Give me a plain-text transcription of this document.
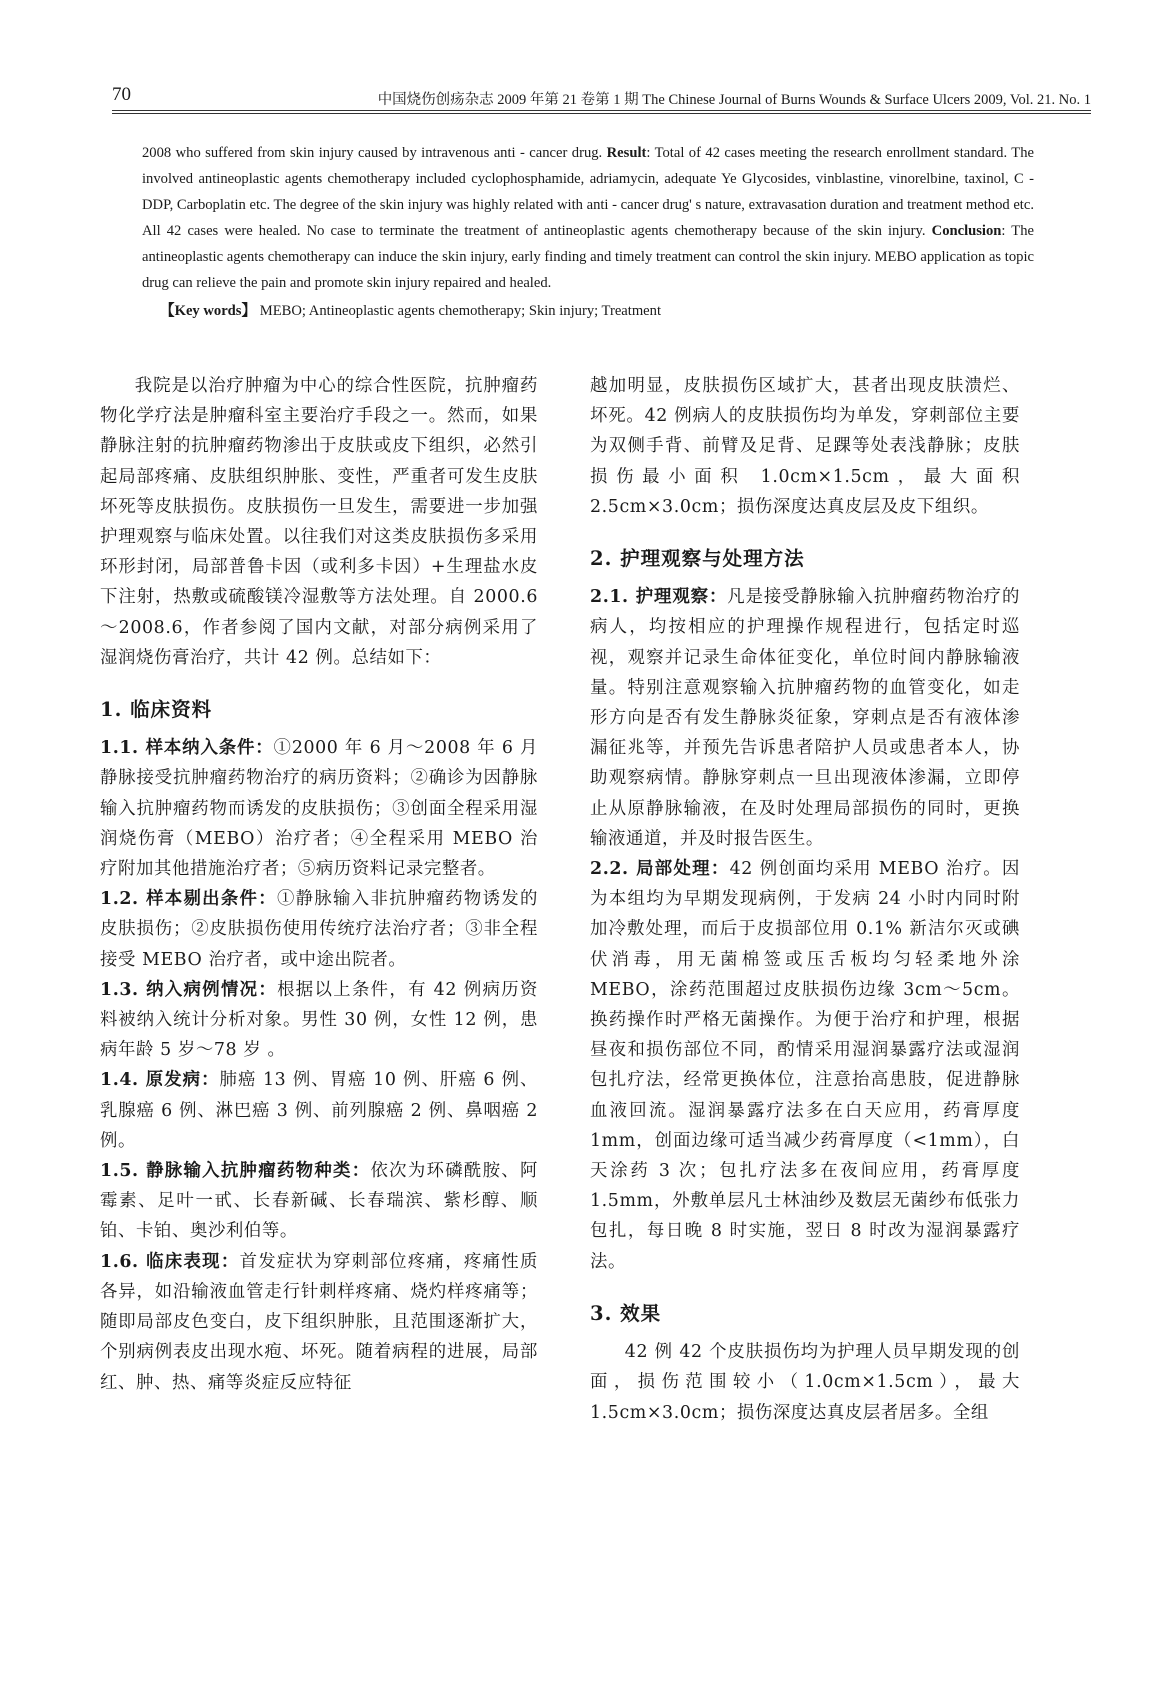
70	中国烧伤创疡杂志 2009 年第 21 卷第 1 期 The Chinese Journal of Burns Wounds & Surface Ulcers 2009, Vol. 21. No. 1

2008 who suffered from skin injury caused by intravenous anti - cancer drug. Result: Total of 42 cases meeting the research enrollment standard. The involved antineoplastic agents chemotherapy included cyclophosphamide, adriamycin, adequate Ye Glycosides, vinblastine, vinorelbine, taxinol, C - DDP, Carboplatin etc. The degree of the skin injury was highly related with anti - cancer drug' s nature, extravasation duration and treatment method etc. All 42 cases were healed. No case to terminate the treatment of antineoplastic agents chemotherapy because of the skin injury. Conclusion: The antineoplastic agents chemotherapy can induce the skin injury, early finding and timely treatment can control the skin injury. MEBO application as topic drug can relieve the pain and promote skin injury repaired and healed.

【Key words】 MEBO; Antineoplastic agents chemotherapy; Skin injury; Treatment

我院是以治疗肿瘤为中心的综合性医院，抗肿瘤药物化学疗法是肿瘤科室主要治疗手段之一。然而，如果静脉注射的抗肿瘤药物渗出于皮肤或皮下组织，必然引起局部疼痛、皮肤组织肿胀、变性，严重者可发生皮肤坏死等皮肤损伤。皮肤损伤一旦发生，需要进一步加强护理观察与临床处置。以往我们对这类皮肤损伤多采用环形封闭，局部普鲁卡因（或利多卡因）+生理盐水皮下注射，热敷或硫酸镁冷湿敷等方法处理。自 2000.6～2008.6，作者参阅了国内文献，对部分病例采用了湿润烧伤膏治疗，共计 42 例。总结如下：

1. 临床资料

1.1. 样本纳入条件：①2000 年 6 月～2008 年 6 月静脉接受抗肿瘤药物治疗的病历资料；②确诊为因静脉输入抗肿瘤药物而诱发的皮肤损伤；③创面全程采用湿润烧伤膏（MEBO）治疗者；④全程采用 MEBO 治疗附加其他措施治疗者；⑤病历资料记录完整者。

1.2. 样本剔出条件：①静脉输入非抗肿瘤药物诱发的皮肤损伤；②皮肤损伤使用传统疗法治疗者；③非全程接受 MEBO 治疗者，或中途出院者。

1.3. 纳入病例情况：根据以上条件，有 42 例病历资料被纳入统计分析对象。男性 30 例，女性 12 例，患病年龄 5 岁～78 岁 。

1.4. 原发病：肺癌 13 例、胃癌 10 例、肝癌 6 例、乳腺癌 6 例、淋巴癌 3 例、前列腺癌 2 例、鼻咽癌 2 例。

1.5. 静脉输入抗肿瘤药物种类：依次为环磷酰胺、阿霉素、足叶一甙、长春新碱、长春瑞滨、紫杉醇、顺铂、卡铂、奥沙利伯等。

1.6. 临床表现：首发症状为穿刺部位疼痛，疼痛性质各异，如沿输液血管走行针刺样疼痛、烧灼样疼痛等；随即局部皮色变白，皮下组织肿胀，且范围逐渐扩大，个别病例表皮出现水疱、坏死。随着病程的进展，局部红、肿、热、痛等炎症反应特征

越加明显，皮肤损伤区域扩大，甚者出现皮肤溃烂、坏死。42 例病人的皮肤损伤均为单发，穿刺部位主要为双侧手背、前臂及足背、足踝等处表浅静脉；皮肤损伤最小面积 1.0cm×1.5cm，最大面积 2.5cm×3.0cm；损伤深度达真皮层及皮下组织。

2. 护理观察与处理方法

2.1. 护理观察：凡是接受静脉输入抗肿瘤药物治疗的病人，均按相应的护理操作规程进行，包括定时巡视，观察并记录生命体征变化，单位时间内静脉输液量。特别注意观察输入抗肿瘤药物的血管变化，如走形方向是否有发生静脉炎征象，穿刺点是否有液体渗漏征兆等，并预先告诉患者陪护人员或患者本人，协助观察病情。静脉穿刺点一旦出现液体渗漏，立即停止从原静脉输液，在及时处理局部损伤的同时，更换输液通道，并及时报告医生。

2.2. 局部处理：42 例创面均采用 MEBO 治疗。因为本组均为早期发现病例，于发病 24 小时内同时附加冷敷处理，而后于皮损部位用 0.1% 新洁尔灭或碘伏消毒，用无菌棉签或压舌板均匀轻柔地外涂 MEBO，涂药范围超过皮肤损伤边缘 3cm～5cm。换药操作时严格无菌操作。为便于治疗和护理，根据昼夜和损伤部位不同，酌情采用湿润暴露疗法或湿润包扎疗法，经常更换体位，注意抬高患肢，促进静脉血液回流。湿润暴露疗法多在白天应用，药膏厚度 1mm，创面边缘可适当减少药膏厚度（<1mm），白天涂药 3 次；包扎疗法多在夜间应用，药膏厚度 1.5mm，外敷单层凡士林油纱及数层无菌纱布低张力包扎，每日晚 8 时实施，翌日 8 时改为湿润暴露疗法。

3. 效果

42 例 42 个皮肤损伤均为护理人员早期发现的创面，损伤范围较小（1.0cm×1.5cm），最大 1.5cm×3.0cm；损伤深度达真皮层者居多。全组
